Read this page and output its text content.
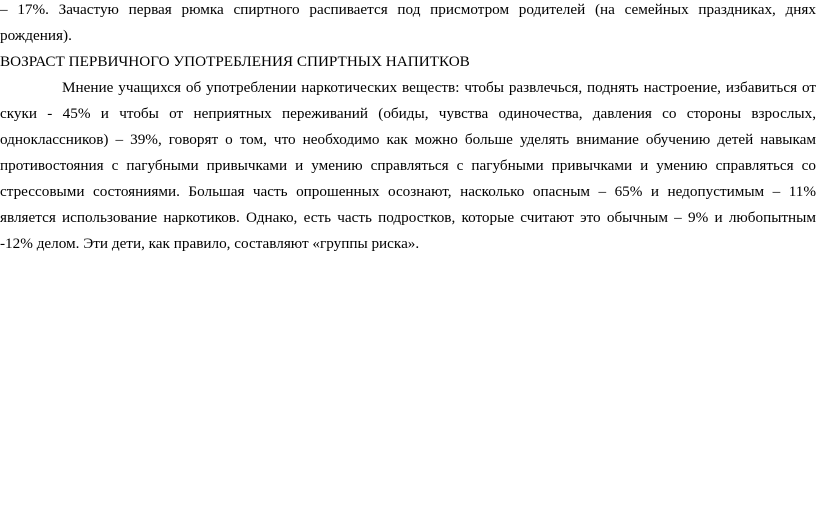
– 17%. Зачастую первая рюмка спиртного распивается под присмотром родителей (на семейных праздниках, днях
рождения).
ВОЗРАСТ ПЕРВИЧНОГО УПОТРЕБЛЕНИЯ СПИРТНЫХ НАПИТКОВ
Мнение учащихся об употреблении наркотических веществ: чтобы развлечься, поднять настроение, избавиться от
скуки - 45% и чтобы от неприятных переживаний (обиды, чувства одиночества, давления со стороны взрослых,
одноклассников) – 39%, говорят о том, что необходимо как можно больше уделять внимание обучению детей навыкам
противостояния с пагубными привычками и умению справляться с пагубными привычками и умению справляться со
стрессовыми состояниями. Большая часть опрошенных осознают, насколько опасным – 65% и недопустимым – 11%
является использование наркотиков. Однако, есть часть подростков, которые считают это обычным – 9% и любопытным
-12% делом. Эти дети, как правило, составляют «группы риска».
